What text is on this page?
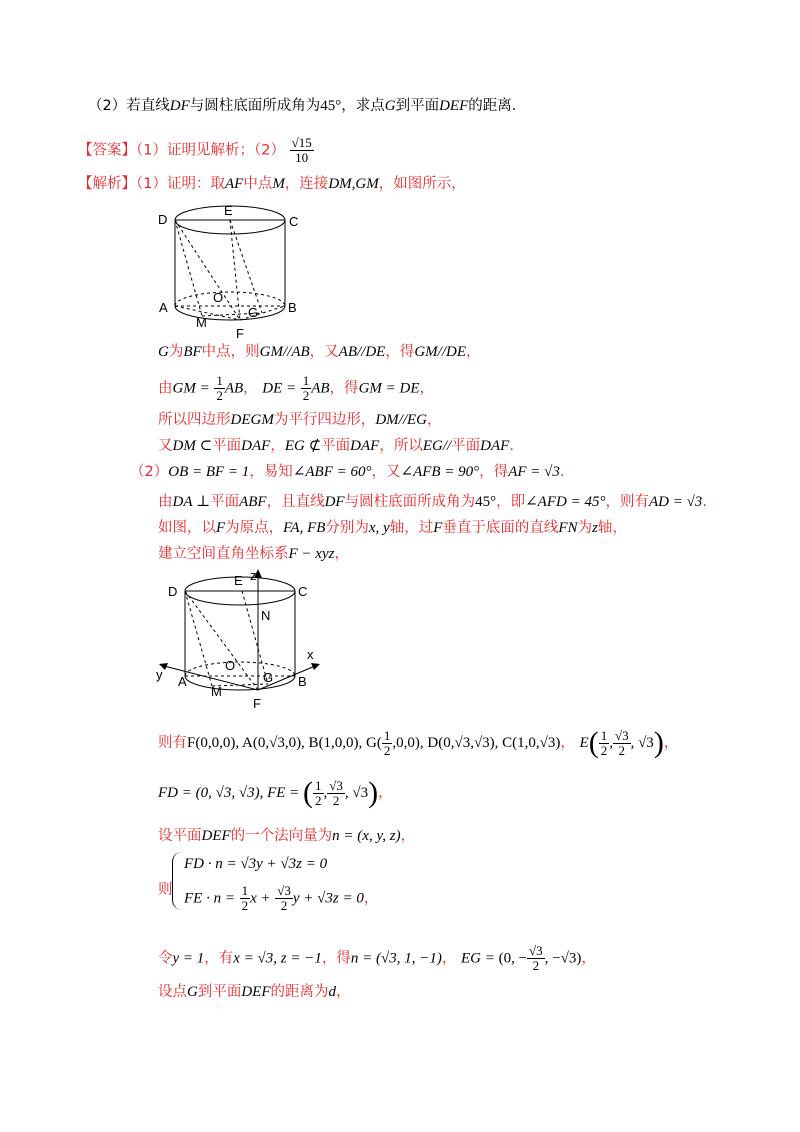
（2）若直线DF与圆柱底面所成角为45°，求点G到平面DEF的距离.
【答案】（1）证明见解析；$(2) \frac{√15}{10}$
【解析】（1）证明：取AF中点M，连接DM,GM，如图所示，
D
E
C
A	B
O
G
M
F
G为BF中点，则GM//AB，又AB//DE，得GM//DE，
由GM = $\frac{1}{2}$ AB， DE = $\frac{1}{2}$ AB，得GM = DE，
所以四边形DEGM为平行四边形，DM//EG，
又DM ⊂平面DAF，EG ⊄平面DAF，所以EG//平面DAF.
（2）OB = BF = 1，易知∠ABF = 60°，又∠AFB = 90°，得AF = √3.
由DA ⊥平面ABF，且直线DF与圆柱底面所成角为45°，即∠AFD = 45°，则有AD = √3.
如图，以F为原点，FA, FB分别为x, y轴，过F垂直于底面的直线FN为z轴，
建立空间直角坐标系F − xyz，
D
E z
C
N
O
x
y A
M
G B
F
则有F(0,0,0), A(0,√3,0), B(1,0,0), $G( \frac{1}{2} ,0,0)$, D(0,√3,√3), C(1,0,√3)， $E( \frac{1}{2}$ , $\frac{√3}{2}$ , √3)，
FD = (0, √3, √3), FE = ( $\frac{1}{2}$ , $\frac{√3}{2}$ , √3)，
设平面DEF的一个法向量为n = (x, y, z)，
则
FD · n = √3y + √3z = 0
FE · $n = \frac{1}{2}$ $x + \frac{√3}{2}$ y + √3z = 0，
令y = 1，有x = √3, z = −1，得n = (√3, 1, −1)， EG = (0, − $\frac{√3}{2}$ , −√3)，
设点G到平面DEF的距离为d，
